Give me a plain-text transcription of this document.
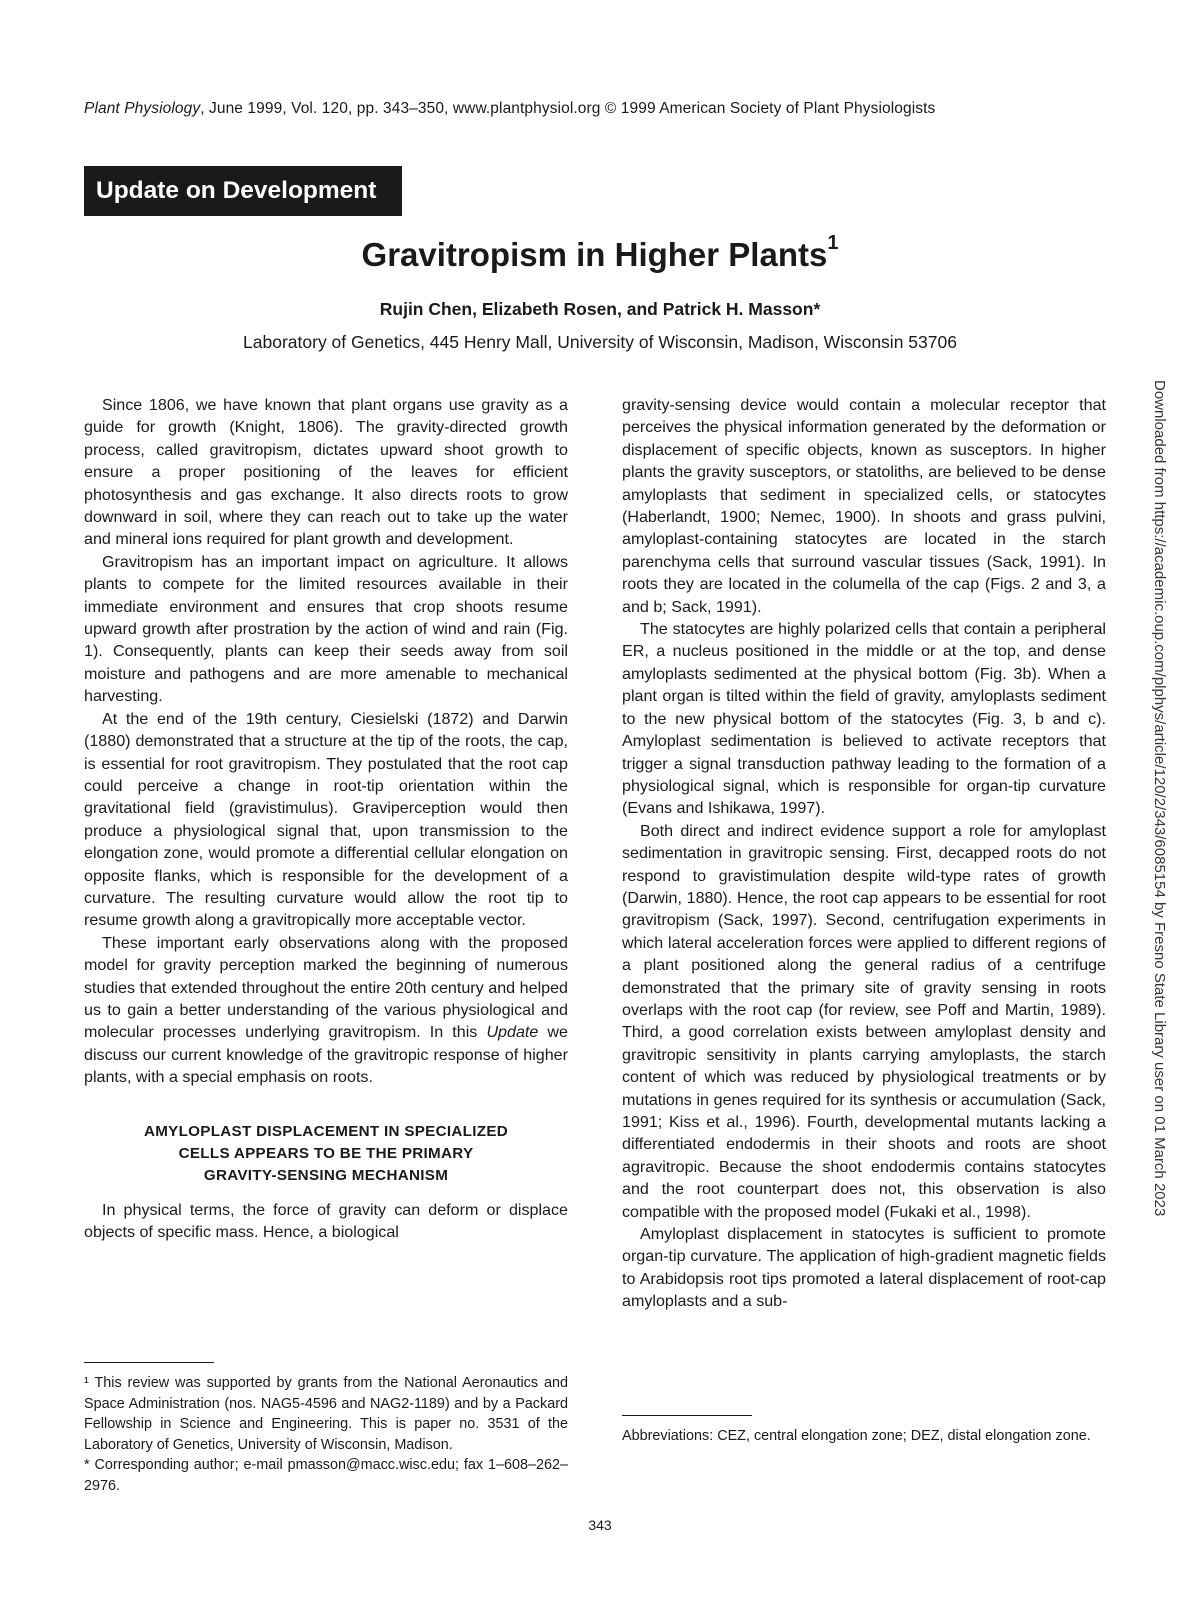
Plant Physiology, June 1999, Vol. 120, pp. 343–350, www.plantphysiol.org © 1999 American Society of Plant Physiologists
Update on Development
Gravitropism in Higher Plants$^1$
Rujin Chen, Elizabeth Rosen, and Patrick H. Masson*
Laboratory of Genetics, 445 Henry Mall, University of Wisconsin, Madison, Wisconsin 53706

Since 1806, we have known that plant organs use gravity as a guide for growth (Knight, 1806). The gravity-directed growth process, called gravitropism, dictates upward shoot growth to ensure a proper positioning of the leaves for efficient photosynthesis and gas exchange. It also directs roots to grow downward in soil, where they can reach out to take up the water and mineral ions required for plant growth and development.

Gravitropism has an important impact on agriculture. It allows plants to compete for the limited resources available in their immediate environment and ensures that crop shoots resume upward growth after prostration by the action of wind and rain (Fig. 1). Consequently, plants can keep their seeds away from soil moisture and pathogens and are more amenable to mechanical harvesting.

At the end of the 19th century, Ciesielski (1872) and Darwin (1880) demonstrated that a structure at the tip of the roots, the cap, is essential for root gravitropism. They postulated that the root cap could perceive a change in root-tip orientation within the gravitational field (gravistimulus). Graviperception would then produce a physiological signal that, upon transmission to the elongation zone, would promote a differential cellular elongation on opposite flanks, which is responsible for the development of a curvature. The resulting curvature would allow the root tip to resume growth along a gravitropically more acceptable vector.

These important early observations along with the proposed model for gravity perception marked the beginning of numerous studies that extended throughout the entire 20th century and helped us to gain a better understanding of the various physiological and molecular processes underlying gravitropism. In this Update we discuss our current knowledge of the gravitropic response of higher plants, with a special emphasis on roots.

AMYLOPLAST DISPLACEMENT IN SPECIALIZED
CELLS APPEARS TO BE THE PRIMARY
GRAVITY-SENSING MECHANISM

In physical terms, the force of gravity can deform or displace objects of specific mass. Hence, a biological

¹ This review was supported by grants from the National Aeronautics and Space Administration (nos. NAG5-4596 and NAG2-1189) and by a Packard Fellowship in Science and Engineering. This is paper no. 3531 of the Laboratory of Genetics, University of Wisconsin, Madison.

* Corresponding author; e-mail pmasson@macc.wisc.edu; fax 1–608–262–2976.

gravity-sensing device would contain a molecular receptor that perceives the physical information generated by the deformation or displacement of specific objects, known as susceptors. In higher plants the gravity susceptors, or statoliths, are believed to be dense amyloplasts that sediment in specialized cells, or statocytes (Haberlandt, 1900; Nemec, 1900). In shoots and grass pulvini, amyloplast-containing statocytes are located in the starch parenchyma cells that surround vascular tissues (Sack, 1991). In roots they are located in the columella of the cap (Figs. 2 and 3, a and b; Sack, 1991).

The statocytes are highly polarized cells that contain a peripheral ER, a nucleus positioned in the middle or at the top, and dense amyloplasts sedimented at the physical bottom (Fig. 3b). When a plant organ is tilted within the field of gravity, amyloplasts sediment to the new physical bottom of the statocytes (Fig. 3, b and c). Amyloplast sedimentation is believed to activate receptors that trigger a signal transduction pathway leading to the formation of a physiological signal, which is responsible for organ-tip curvature (Evans and Ishikawa, 1997).

Both direct and indirect evidence support a role for amyloplast sedimentation in gravitropic sensing. First, decapped roots do not respond to gravistimulation despite wild-type rates of growth (Darwin, 1880). Hence, the root cap appears to be essential for root gravitropism (Sack, 1997). Second, centrifugation experiments in which lateral acceleration forces were applied to different regions of a plant positioned along the general radius of a centrifuge demonstrated that the primary site of gravity sensing in roots overlaps with the root cap (for review, see Poff and Martin, 1989). Third, a good correlation exists between amyloplast density and gravitropic sensitivity in plants carrying amyloplasts, the starch content of which was reduced by physiological treatments or by mutations in genes required for its synthesis or accumulation (Sack, 1991; Kiss et al., 1996). Fourth, developmental mutants lacking a differentiated endodermis in their shoots and roots are shoot agravitropic. Because the shoot endodermis contains statocytes and the root counterpart does not, this observation is also compatible with the proposed model (Fukaki et al., 1998).

Amyloplast displacement in statocytes is sufficient to promote organ-tip curvature. The application of high-gradient magnetic fields to Arabidopsis root tips promoted a lateral displacement of root-cap amyloplasts and a sub-

Abbreviations: CEZ, central elongation zone; DEZ, distal elongation zone.

343
Downloaded from https://academic.oup.com/plphys/article/120/2/343/6085154 by Fresno State Library user on 01 March 2023
